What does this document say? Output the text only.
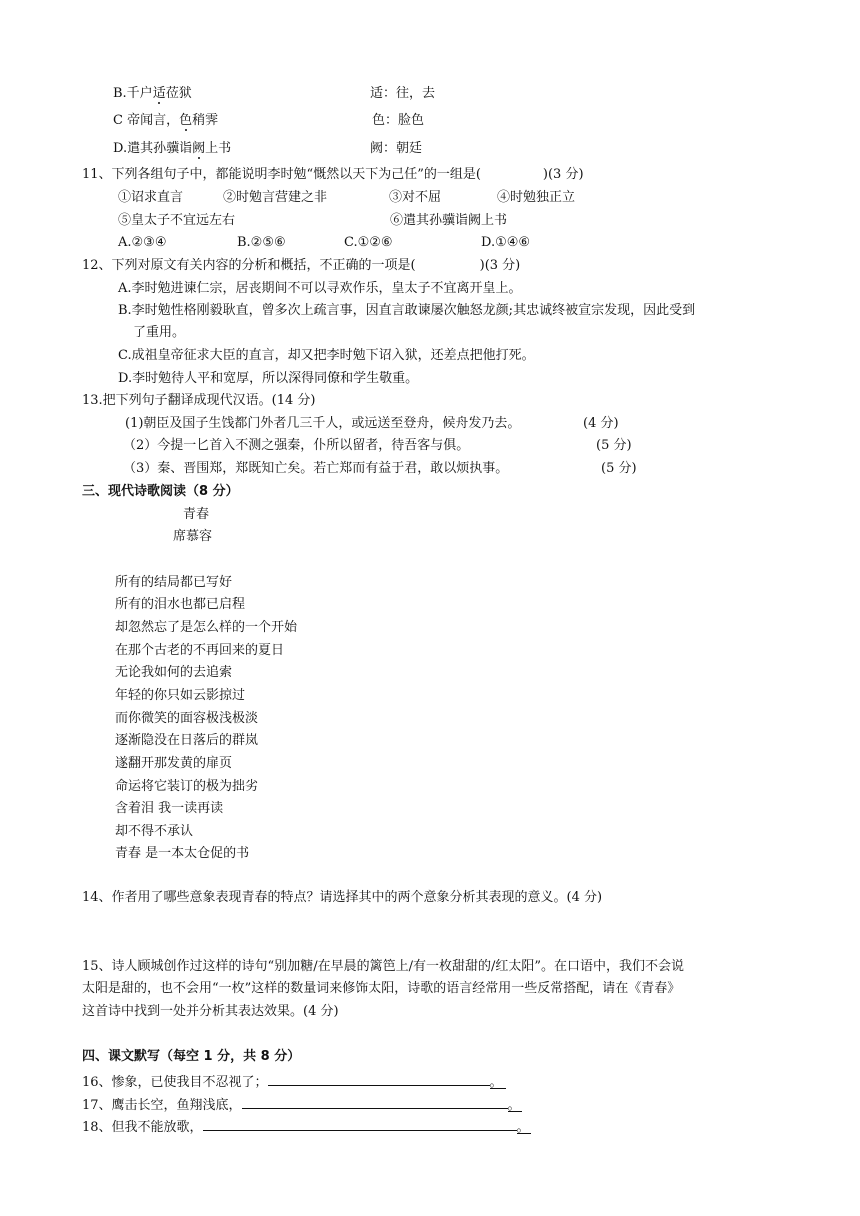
B.千户适莅狱	适：往，去
C 帝闻言，色稍霁	色：脸色
D.遣其孙骥诣阙上书	阙：朝廷
11、下列各组句子中，都能说明李时勉“慨然以天下为己任”的一组是(	)(3 分)
①诏求直言	②时勉言营建之非	③对不屈	④时勉独正立
⑤皇太子不宜远左右	⑥遣其孙骥诣阙上书
A.②③④	B.②⑤⑥	C.①②⑥	D.①④⑥
12、下列对原文有关内容的分析和概括，不正确的一项是(	)(3 分)
A.李时勉进谏仁宗，居丧期间不可以寻欢作乐，皇太子不宜离开皇上。
B.李时勉性格刚毅耿直，曾多次上疏言事，因直言敢谏屡次触怒龙颜;其忠诚终被宣宗发现，因此受到
了重用。
C.成祖皇帝征求大臣的直言，却又把李时勉下诏入狱，还差点把他打死。
D.李时勉待人平和宽厚，所以深得同僚和学生敬重。
13.把下列句子翻译成现代汉语。(14 分)
(1)朝臣及国子生饯都门外者几三千人，或远送至登舟，候舟发乃去。	(4 分)
（2）今提一匕首入不测之强秦，仆所以留者，待吾客与俱。	(5 分)
（3）秦、晋围郑，郑既知亡矣。若亡郑而有益于君，敢以烦执事。	(5 分)
三、现代诗歌阅读（8 分）
青春
席慕容
所有的结局都已写好
所有的泪水也都已启程
却忽然忘了是怎么样的一个开始
在那个古老的不再回来的夏日
无论我如何的去追索
年轻的你只如云影掠过
而你微笑的面容极浅极淡
逐渐隐没在日落后的群岚
遂翻开那发黄的扉页
命运将它装订的极为拙劣
含着泪 我一读再读
却不得不承认
青春 是一本太仓促的书
14、作者用了哪些意象表现青春的特点？请选择其中的两个意象分析其表现的意义。(4 分)
15、诗人顾城创作过这样的诗句“别加糖/在早晨的篱笆上/有一枚甜甜的/红太阳”。在口语中，我们不会说
太阳是甜的，也不会用“一枚”这样的数量词来修饰太阳，诗歌的语言经常用一些反常搭配，请在《青春》
这首诗中找到一处并分析其表达效果。(4 分)
四、课文默写（每空 1 分，共 8 分）
16、惨象，已使我目不忍视了；	。
17、鹰击长空，鱼翔浅底，	。
18、但我不能放歌，	。
